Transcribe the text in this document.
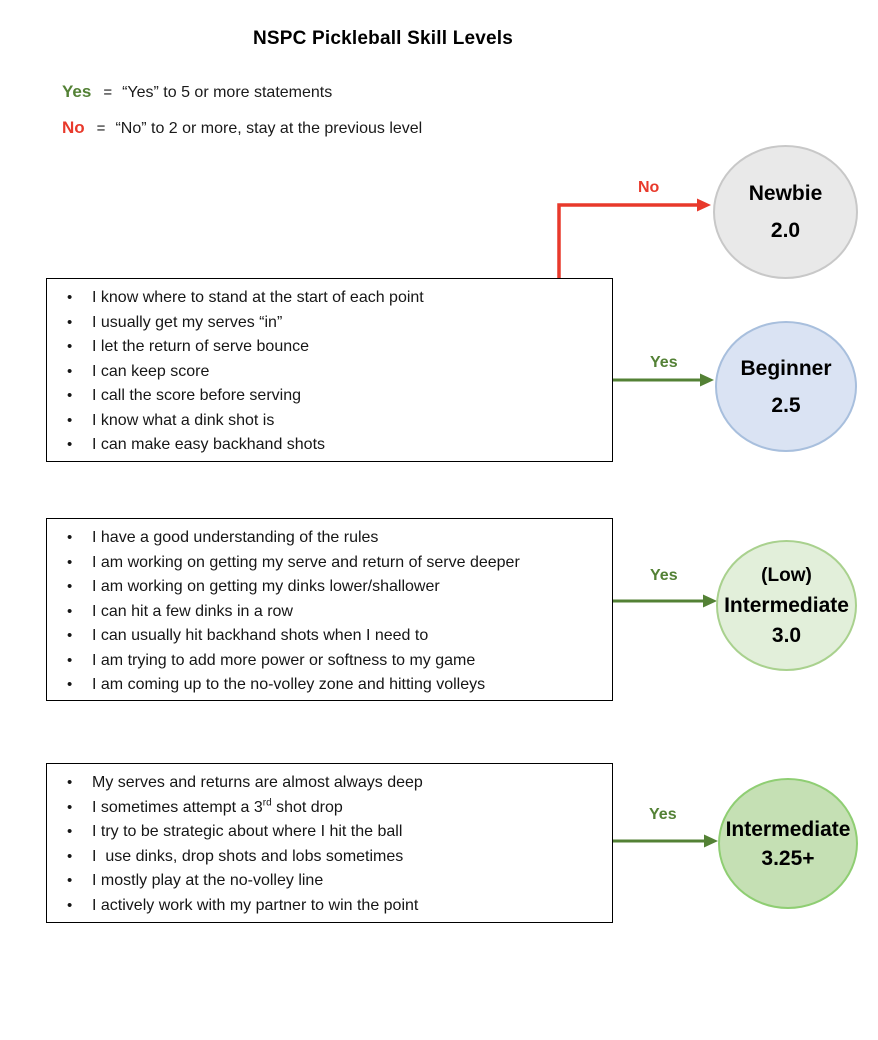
NSPC Pickleball Skill Levels
Yes = “Yes” to 5 or more statements
No = “No” to 2 or more, stay at the previous level
No
Yes
Yes
Yes
• I know where to stand at the start of each point
• I usually get my serves “in”
• I let the return of serve bounce
• I can keep score
• I call the score before serving
• I know what a dink shot is
• I can make easy backhand shots
• I have a good understanding of the rules
• I am working on getting my serve and return of serve deeper
• I am working on getting my dinks lower/shallower
• I can hit a few dinks in a row
• I can usually hit backhand shots when I need to
• I am trying to add more power or softness to my game
• I am coming up to the no-volley zone and hitting volleys
• My serves and returns are almost always deep
• I sometimes attempt a 3rd shot drop
• I try to be strategic about where I hit the ball
• I  use dinks, drop shots and lobs sometimes
• I mostly play at the no-volley line
• I actively work with my partner to win the point
Newbie
2.0
Beginner
2.5
(Low)
Intermediate
3.0
Intermediate
3.25+
